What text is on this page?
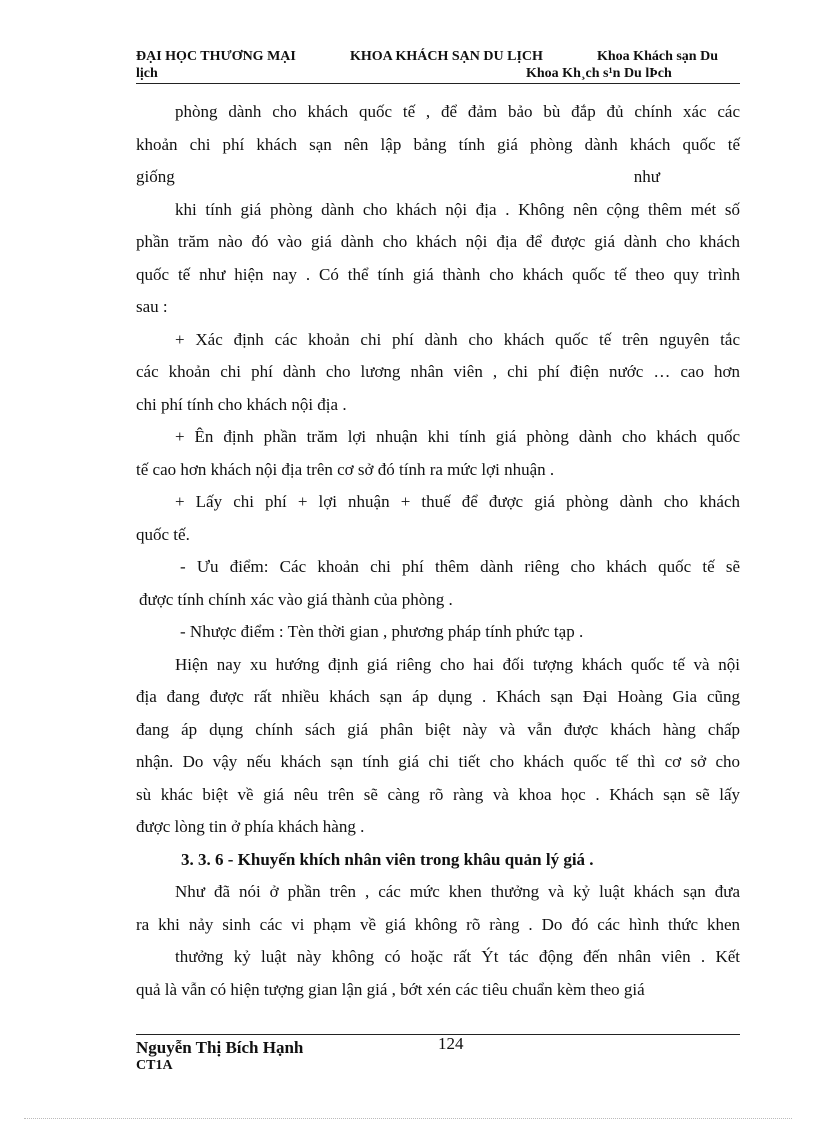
ĐẠI HỌC THƯƠNG MẠI	KHOA KHÁCH SẠN DU LỊCH	Khoa Khách sạn Du
lịch	Khoa Kh¸ch s¹n Du lÞch
phòng dành cho khách quốc tế , để đảm bảo bù đắp đủ chính xác các
khoản chi phí khách sạn nên lập bảng tính giá phòng dành khách quốc tế
giống                                                                                                            như
khi tính giá phòng dành cho khách nội địa . Không nên cộng thêm mét số
phần trăm nào đó vào giá dành cho khách nội địa để được giá dành cho khách
quốc tế như hiện nay . Có thể tính giá thành cho khách quốc tế theo quy trình
sau :
+ Xác định các khoản chi phí dành cho khách quốc tế trên nguyên tắc
các khoản chi phí dành cho lương nhân viên , chi phí điện nước … cao hơn
chi phí tính cho khách nội địa .
+ Ên định phần trăm lợi nhuận khi tính giá phòng dành cho khách quốc
tế cao hơn khách nội địa trên cơ sở đó tính ra mức lợi nhuận .
+ Lấy chi phí + lợi nhuận + thuế để được giá phòng dành cho khách
quốc tế.
- Ưu điểm: Các khoản chi phí thêm dành riêng cho khách quốc tế sẽ
được tính chính xác vào giá thành của phòng .
- Nhược điểm : Tèn thời gian , phương pháp tính phức tạp .
Hiện nay xu hướng định giá riêng cho hai đối tượng khách quốc tế và nội
địa đang được rất nhiều khách sạn áp dụng . Khách sạn Đại Hoàng Gia cũng
đang áp dụng chính sách giá phân biệt này và vẫn được khách hàng chấp
nhận. Do vậy nếu khách sạn tính giá chi tiết cho khách quốc tế thì cơ sở cho
sù khác biệt về giá nêu trên sẽ càng rõ ràng và khoa học . Khách sạn sẽ lấy
được lòng tin ở phía khách hàng .
3. 3. 6 - Khuyến khích nhân viên trong khâu quản lý giá .
Như đã nói ở phần trên , các mức khen thưởng và kỷ luật khách sạn đưa
ra khi nảy sinh các vi phạm về giá không rõ ràng . Do đó các hình thức khen
thưởng kỷ luật này không có hoặc rất Ýt tác động đến nhân viên . Kết
quả là vẫn có hiện tượng gian lận giá , bớt xén các tiêu chuẩn kèm theo giá
Nguyễn Thị Bích Hạnh
CT1A
124
